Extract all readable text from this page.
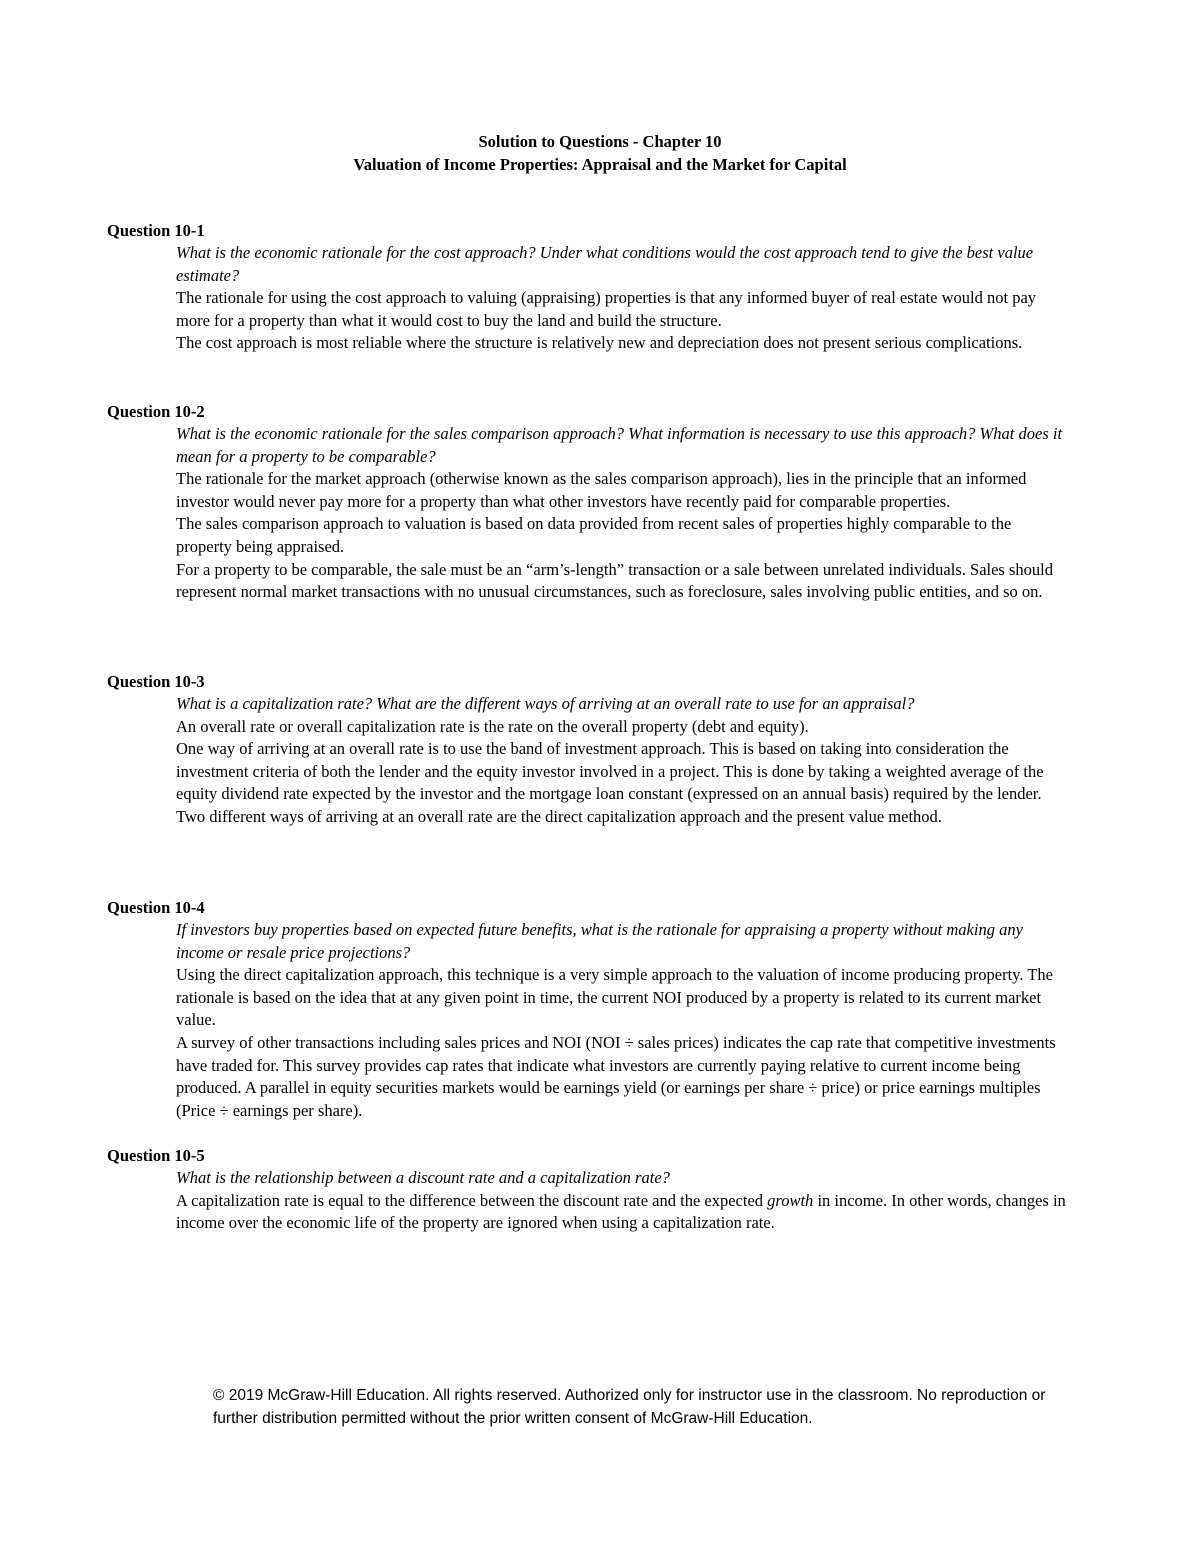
Solution to Questions - Chapter 10
Valuation of Income Properties: Appraisal and the Market for Capital
Question 10-1
What is the economic rationale for the cost approach? Under what conditions would the cost approach tend to give the best value estimate?
The rationale for using the cost approach to valuing (appraising) properties is that any informed buyer of real estate would not pay more for a property than what it would cost to buy the land and build the structure.
The cost approach is most reliable where the structure is relatively new and depreciation does not present serious complications.
Question 10-2
What is the economic rationale for the sales comparison approach? What information is necessary to use this approach? What does it mean for a property to be comparable?
The rationale for the market approach (otherwise known as the sales comparison approach), lies in the principle that an informed investor would never pay more for a property than what other investors have recently paid for comparable properties.
The sales comparison approach to valuation is based on data provided from recent sales of properties highly comparable to the property being appraised.
For a property to be comparable, the sale must be an “arm’s-length” transaction or a sale between unrelated individuals. Sales should represent normal market transactions with no unusual circumstances, such as foreclosure, sales involving public entities, and so on.
Question 10-3
What is a capitalization rate? What are the different ways of arriving at an overall rate to use for an appraisal?
An overall rate or overall capitalization rate is the rate on the overall property (debt and equity).
One way of arriving at an overall rate is to use the band of investment approach. This is based on taking into consideration the investment criteria of both the lender and the equity investor involved in a project. This is done by taking a weighted average of the equity dividend rate expected by the investor and the mortgage loan constant (expressed on an annual basis) required by the lender.
Two different ways of arriving at an overall rate are the direct capitalization approach and the present value method.
Question 10-4
If investors buy properties based on expected future benefits, what is the rationale for appraising a property without making any income or resale price projections?
Using the direct capitalization approach, this technique is a very simple approach to the valuation of income producing property. The rationale is based on the idea that at any given point in time, the current NOI produced by a property is related to its current market value.
A survey of other transactions including sales prices and NOI (NOI ÷ sales prices) indicates the cap rate that competitive investments have traded for. This survey provides cap rates that indicate what investors are currently paying relative to current income being produced. A parallel in equity securities markets would be earnings yield (or earnings per share ÷ price) or price earnings multiples (Price ÷ earnings per share).
Question 10-5
What is the relationship between a discount rate and a capitalization rate?
A capitalization rate is equal to the difference between the discount rate and the expected growth in income. In other words, changes in income over the economic life of the property are ignored when using a capitalization rate.
© 2019 McGraw-Hill Education. All rights reserved. Authorized only for instructor use in the classroom. No reproduction or further distribution permitted without the prior written consent of McGraw-Hill Education.
